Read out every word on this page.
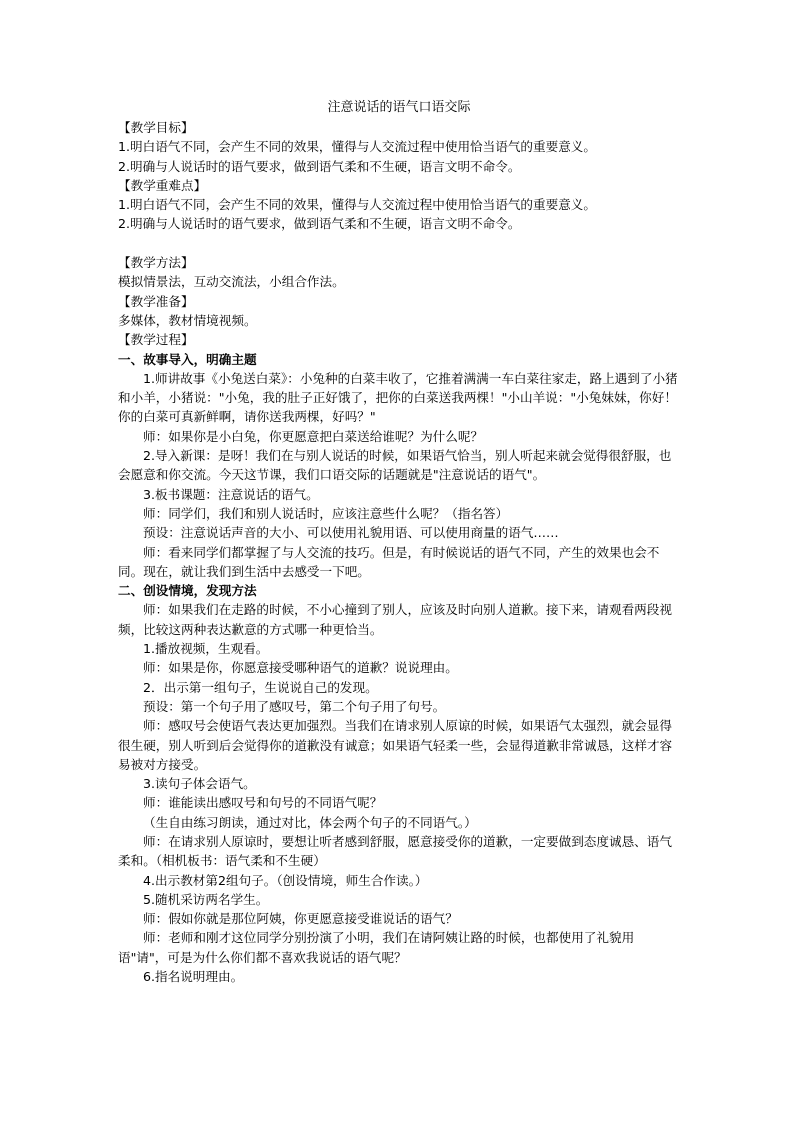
注意说话的语气口语交际

【教学目标】

1.明白语气不同，会产生不同的效果，懂得与人交流过程中使用恰当语气的重要意义。

2.明确与人说话时的语气要求，做到语气柔和不生硬，语言文明不命令。

【教学重难点】

1.明白语气不同，会产生不同的效果，懂得与人交流过程中使用恰当语气的重要意义。

2.明确与人说话时的语气要求，做到语气柔和不生硬，语言文明不命令。

【教学方法】

模拟情景法，互动交流法，小组合作法。

【教学准备】

多媒体，教材情境视频。

【教学过程】

一、故事导入，明确主题

1.师讲故事《小兔送白菜》：小兔种的白菜丰收了，它推着满满一车白菜往家走，路上遇到了小猪和小羊，小猪说："小兔，我的肚子正好饿了，把你的白菜送我两棵！"小山羊说："小兔妹妹，你好！你的白菜可真新鲜啊，请你送我两棵，好吗？"

师：如果你是小白兔，你更愿意把白菜送给谁呢？为什么呢？

2.导入新课：是呀！我们在与别人说话的时候，如果语气恰当，别人听起来就会觉得很舒服，也会愿意和你交流。今天这节课，我们口语交际的话题就是"注意说话的语气"。

3.板书课题：注意说话的语气。

师：同学们，我们和别人说话时，应该注意些什么呢？（指名答）

预设：注意说话声音的大小、可以使用礼貌用语、可以使用商量的语气……

师：看来同学们都掌握了与人交流的技巧。但是，有时候说话的语气不同，产生的效果也会不同。现在，就让我们到生活中去感受一下吧。

二、创设情境，发现方法

师：如果我们在走路的时候，不小心撞到了别人，应该及时向别人道歉。接下来，请观看两段视频，比较这两种表达歉意的方式哪一种更恰当。

1.播放视频，生观看。

师：如果是你，你愿意接受哪种语气的道歉？说说理由。

2．出示第一组句子，生说说自己的发现。

预设：第一个句子用了感叹号，第二个句子用了句号。

师：感叹号会使语气表达更加强烈。当我们在请求别人原谅的时候，如果语气太强烈，就会显得很生硬，别人听到后会觉得你的道歉没有诚意；如果语气轻柔一些，会显得道歉非常诚恳，这样才容易被对方接受。

3.读句子体会语气。

师：谁能读出感叹号和句号的不同语气呢？

（生自由练习朗读，通过对比，体会两个句子的不同语气。）

师：在请求别人原谅时，要想让听者感到舒服，愿意接受你的道歉，一定要做到态度诚恳、语气柔和。（相机板书：语气柔和不生硬）

4.出示教材第2组句子。（创设情境，师生合作读。）

5.随机采访两名学生。

师：假如你就是那位阿姨，你更愿意接受谁说话的语气？

师：老师和刚才这位同学分别扮演了小明，我们在请阿姨让路的时候，也都使用了礼貌用语"请"，可是为什么你们都不喜欢我说话的语气呢？

6.指名说明理由。
